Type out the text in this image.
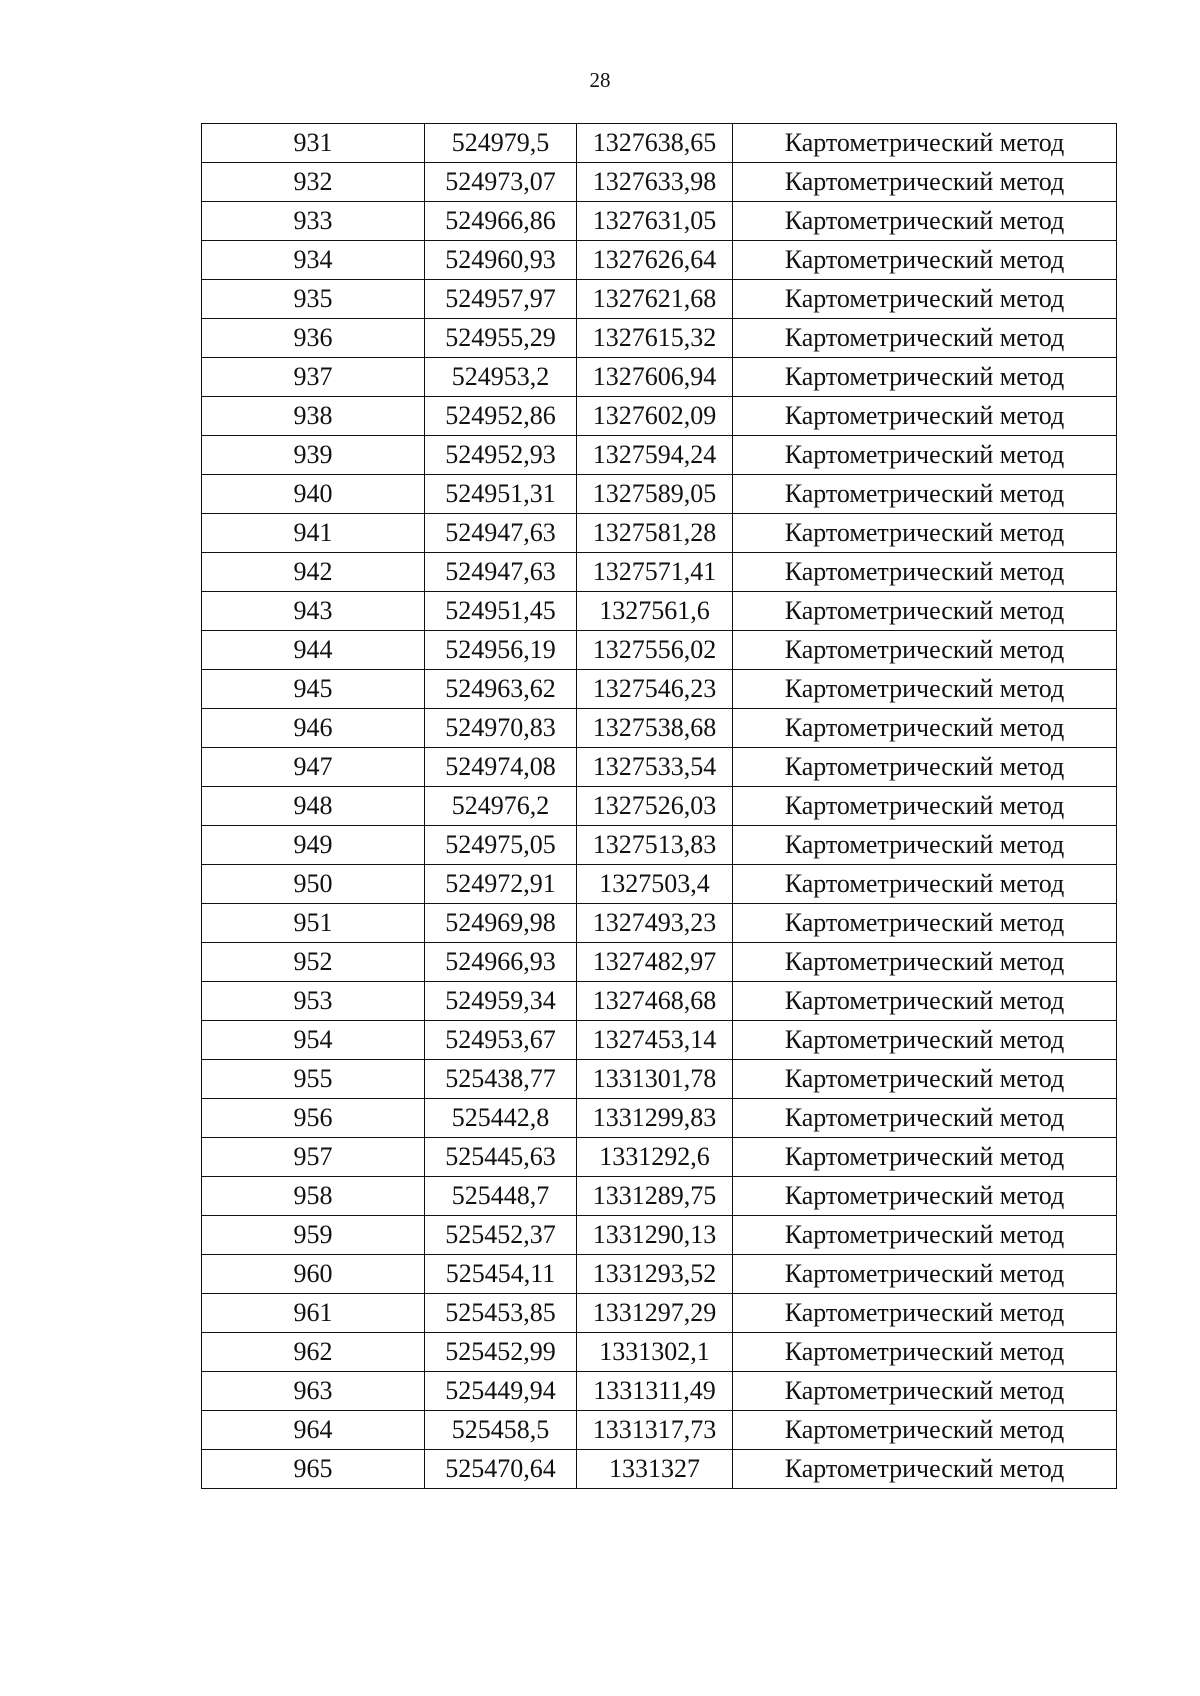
28
931	524979,5	1327638,65	Картометрический метод
932	524973,07	1327633,98	Картометрический метод
933	524966,86	1327631,05	Картометрический метод
934	524960,93	1327626,64	Картометрический метод
935	524957,97	1327621,68	Картометрический метод
936	524955,29	1327615,32	Картометрический метод
937	524953,2	1327606,94	Картометрический метод
938	524952,86	1327602,09	Картометрический метод
939	524952,93	1327594,24	Картометрический метод
940	524951,31	1327589,05	Картометрический метод
941	524947,63	1327581,28	Картометрический метод
942	524947,63	1327571,41	Картометрический метод
943	524951,45	1327561,6	Картометрический метод
944	524956,19	1327556,02	Картометрический метод
945	524963,62	1327546,23	Картометрический метод
946	524970,83	1327538,68	Картометрический метод
947	524974,08	1327533,54	Картометрический метод
948	524976,2	1327526,03	Картометрический метод
949	524975,05	1327513,83	Картометрический метод
950	524972,91	1327503,4	Картометрический метод
951	524969,98	1327493,23	Картометрический метод
952	524966,93	1327482,97	Картометрический метод
953	524959,34	1327468,68	Картометрический метод
954	524953,67	1327453,14	Картометрический метод
955	525438,77	1331301,78	Картометрический метод
956	525442,8	1331299,83	Картометрический метод
957	525445,63	1331292,6	Картометрический метод
958	525448,7	1331289,75	Картометрический метод
959	525452,37	1331290,13	Картометрический метод
960	525454,11	1331293,52	Картометрический метод
961	525453,85	1331297,29	Картометрический метод
962	525452,99	1331302,1	Картометрический метод
963	525449,94	1331311,49	Картометрический метод
964	525458,5	1331317,73	Картометрический метод
965	525470,64	1331327	Картометрический метод
